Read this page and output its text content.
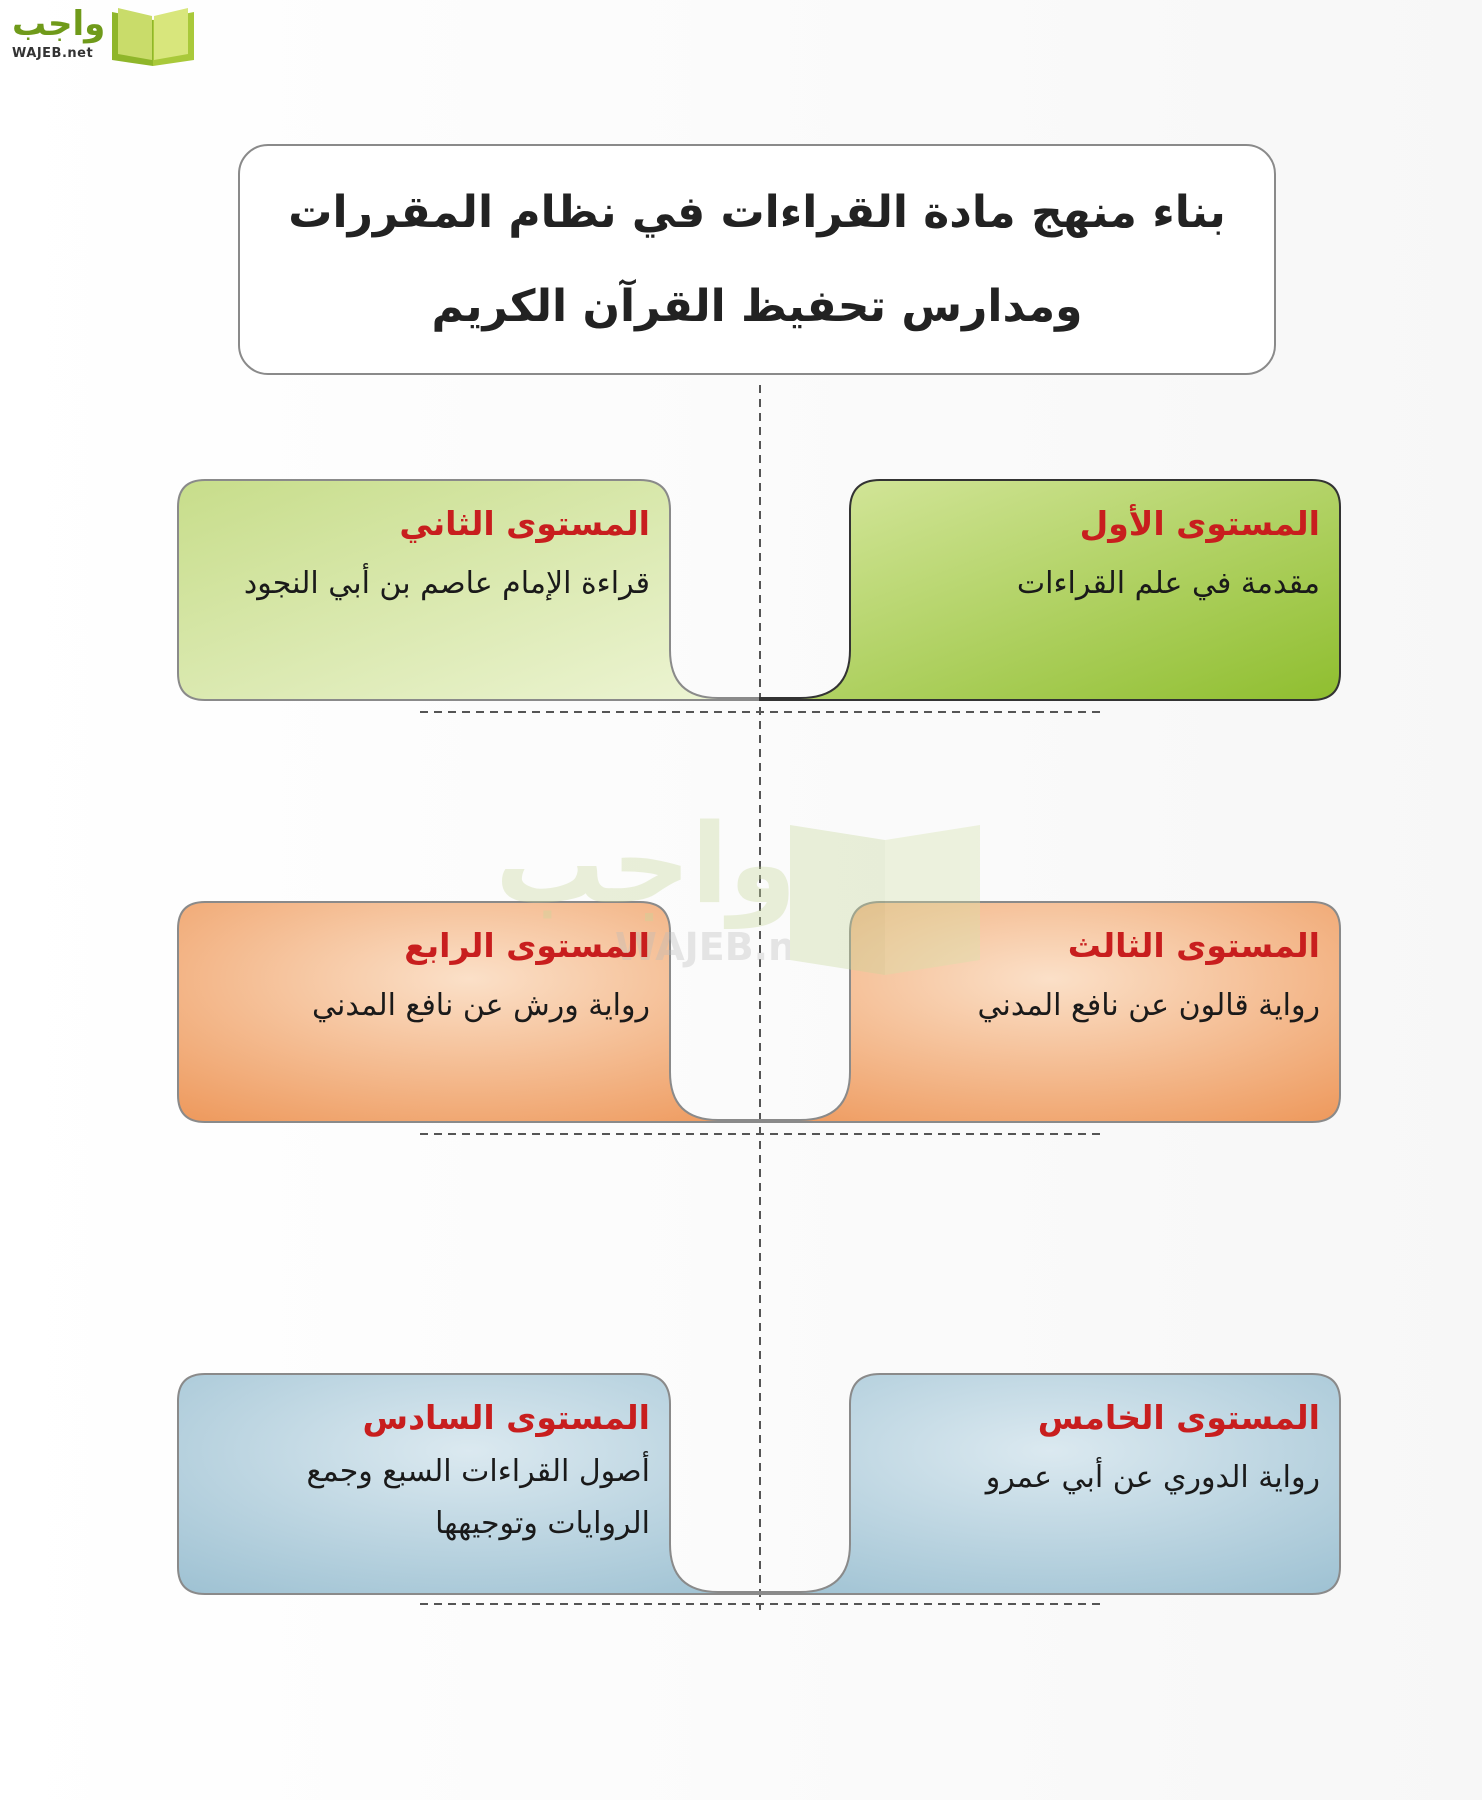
واجب
WAJEB.net
بناء منهج مادة القراءات في نظام المقررات ومدارس تحفيظ القرآن الكريم
واجب
WAJEB.net
المستوى الأول
مقدمة في علم القراءات
المستوى الثاني
قراءة الإمام عاصم بن أبي النجود
المستوى الثالث
رواية قالون عن نافع المدني
المستوى الرابع
رواية ورش عن نافع المدني
المستوى الخامس
رواية الدوري عن أبي عمرو
المستوى السادس
أصول القراءات السبع وجمع الروايات وتوجيهها
